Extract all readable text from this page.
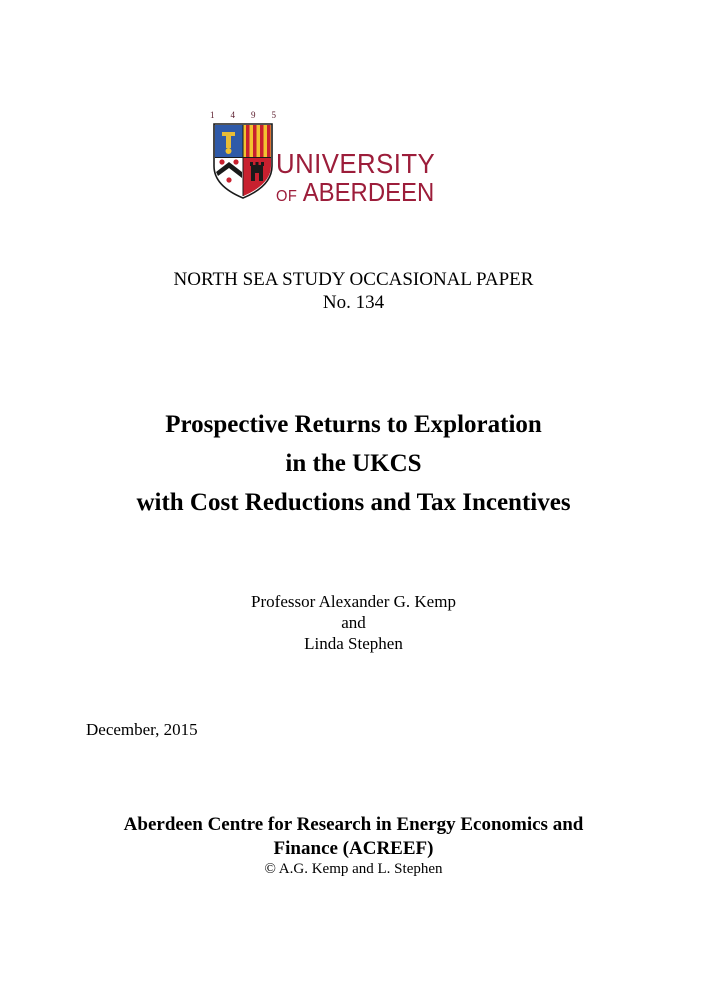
1 4 9 5
UNIVERSITY
OF ABERDEEN
NORTH SEA STUDY OCCASIONAL PAPER
No. 134
Prospective Returns to Exploration
in the UKCS
with Cost Reductions and Tax Incentives
Professor Alexander G. Kemp
and
Linda Stephen
December, 2015
Aberdeen Centre for Research in Energy Economics and
Finance (ACREEF)
© A.G. Kemp and L. Stephen
